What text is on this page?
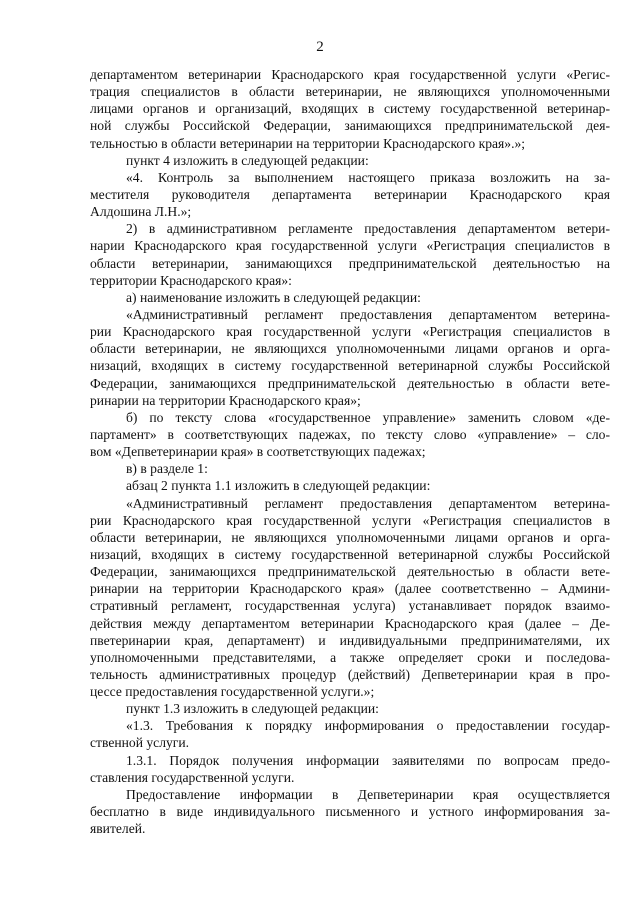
2
департаментом ветеринарии Краснодарского края государственной услуги «Регис-
трация специалистов в области ветеринарии, не являющихся уполномоченными
лицами органов и организаций, входящих в систему государственной ветеринар-
ной службы Российской Федерации, занимающихся предпринимательской дея-
тельностью в области ветеринарии на территории Краснодарского края».»;
пункт 4 изложить в следующей редакции:
«4. Контроль за выполнением настоящего приказа возложить на за-
местителя руководителя департамента ветеринарии Краснодарского края
Алдошина Л.Н.»;
2) в административном регламенте предоставления департаментом ветери-
нарии Краснодарского края государственной услуги «Регистрация специалистов в
области ветеринарии, занимающихся предпринимательской деятельностью на
территории Краснодарского края»:
а) наименование изложить в следующей редакции:
«Административный регламент предоставления департаментом ветерина-
рии Краснодарского края государственной услуги «Регистрация специалистов в
области ветеринарии, не являющихся уполномоченными лицами органов и орга-
низаций, входящих в систему государственной ветеринарной службы Российской
Федерации, занимающихся предпринимательской деятельностью в области вете-
ринарии на территории Краснодарского края»;
б) по тексту слова «государственное управление» заменить словом «де-
партамент» в соответствующих падежах, по тексту слово «управление» – сло-
вом «Депветеринарии края» в соответствующих падежах;
в) в разделе 1:
абзац 2 пункта 1.1 изложить в следующей редакции:
«Административный регламент предоставления департаментом ветерина-
рии Краснодарского края государственной услуги «Регистрация специалистов в
области ветеринарии, не являющихся уполномоченными лицами органов и орга-
низаций, входящих в систему государственной ветеринарной службы Российской
Федерации, занимающихся предпринимательской деятельностью в области вете-
ринарии на территории Краснодарского края» (далее соответственно – Админи-
стративный регламент, государственная услуга) устанавливает порядок взаимо-
действия между департаментом ветеринарии Краснодарского края (далее – Де-
пветеринарии края, департамент) и индивидуальными предпринимателями, их
уполномоченными представителями, а также определяет сроки и последова-
тельность административных процедур (действий) Депветеринарии края в про-
цессе предоставления государственной услуги.»;
пункт 1.3 изложить в следующей редакции:
«1.3. Требования к порядку информирования о предоставлении государ-
ственной услуги.
1.3.1. Порядок получения информации заявителями по вопросам предо-
ставления государственной услуги.
Предоставление информации в Депветеринарии края осуществляется
бесплатно в виде индивидуального письменного и устного информирования за-
явителей.
